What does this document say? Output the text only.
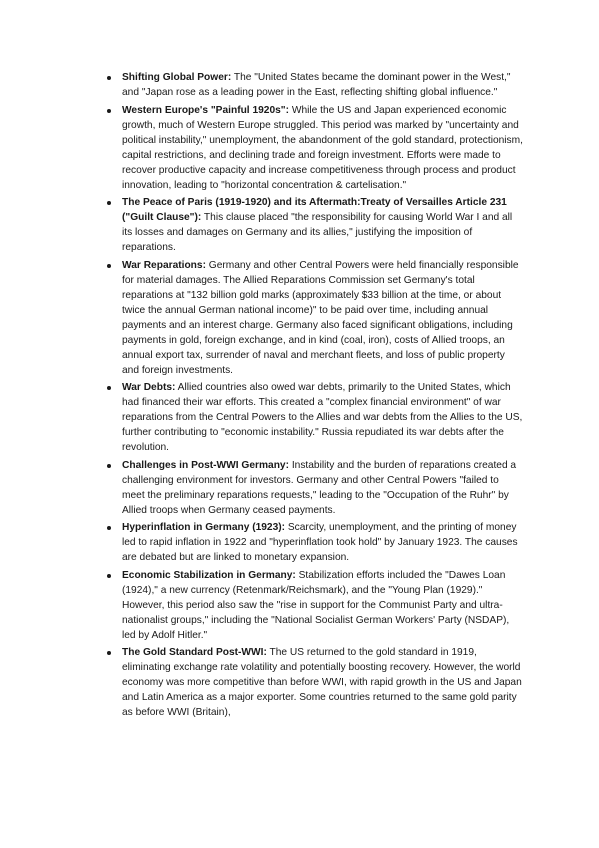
Shifting Global Power: The "United States became the dominant power in the West," and "Japan rose as a leading power in the East, reflecting shifting global influence."
Western Europe's "Painful 1920s": While the US and Japan experienced economic growth, much of Western Europe struggled. This period was marked by "uncertainty and political instability," unemployment, the abandonment of the gold standard, protectionism, capital restrictions, and declining trade and foreign investment. Efforts were made to recover productive capacity and increase competitiveness through process and product innovation, leading to "horizontal concentration & cartelisation."
The Peace of Paris (1919-1920) and its Aftermath:Treaty of Versailles Article 231 ("Guilt Clause"): This clause placed "the responsibility for causing World War I and all its losses and damages on Germany and its allies," justifying the imposition of reparations.
War Reparations: Germany and other Central Powers were held financially responsible for material damages. The Allied Reparations Commission set Germany's total reparations at "132 billion gold marks (approximately $33 billion at the time, or about twice the annual German national income)" to be paid over time, including annual payments and an interest charge. Germany also faced significant obligations, including payments in gold, foreign exchange, and in kind (coal, iron), costs of Allied troops, an annual export tax, surrender of naval and merchant fleets, and loss of public property and foreign investments.
War Debts: Allied countries also owed war debts, primarily to the United States, which had financed their war efforts. This created a "complex financial environment" of war reparations from the Central Powers to the Allies and war debts from the Allies to the US, further contributing to "economic instability." Russia repudiated its war debts after the revolution.
Challenges in Post-WWI Germany: Instability and the burden of reparations created a challenging environment for investors. Germany and other Central Powers "failed to meet the preliminary reparations requests," leading to the "Occupation of the Ruhr" by Allied troops when Germany ceased payments.
Hyperinflation in Germany (1923): Scarcity, unemployment, and the printing of money led to rapid inflation in 1922 and "hyperinflation took hold" by January 1923. The causes are debated but are linked to monetary expansion.
Economic Stabilization in Germany: Stabilization efforts included the "Dawes Loan (1924)," a new currency (Retenmark/Reichsmark), and the "Young Plan (1929)." However, this period also saw the "rise in support for the Communist Party and ultra-nationalist groups," including the "National Socialist German Workers' Party (NSDAP), led by Adolf Hitler."
The Gold Standard Post-WWI: The US returned to the gold standard in 1919, eliminating exchange rate volatility and potentially boosting recovery. However, the world economy was more competitive than before WWI, with rapid growth in the US and Japan and Latin America as a major exporter. Some countries returned to the same gold parity as before WWI (Britain),
